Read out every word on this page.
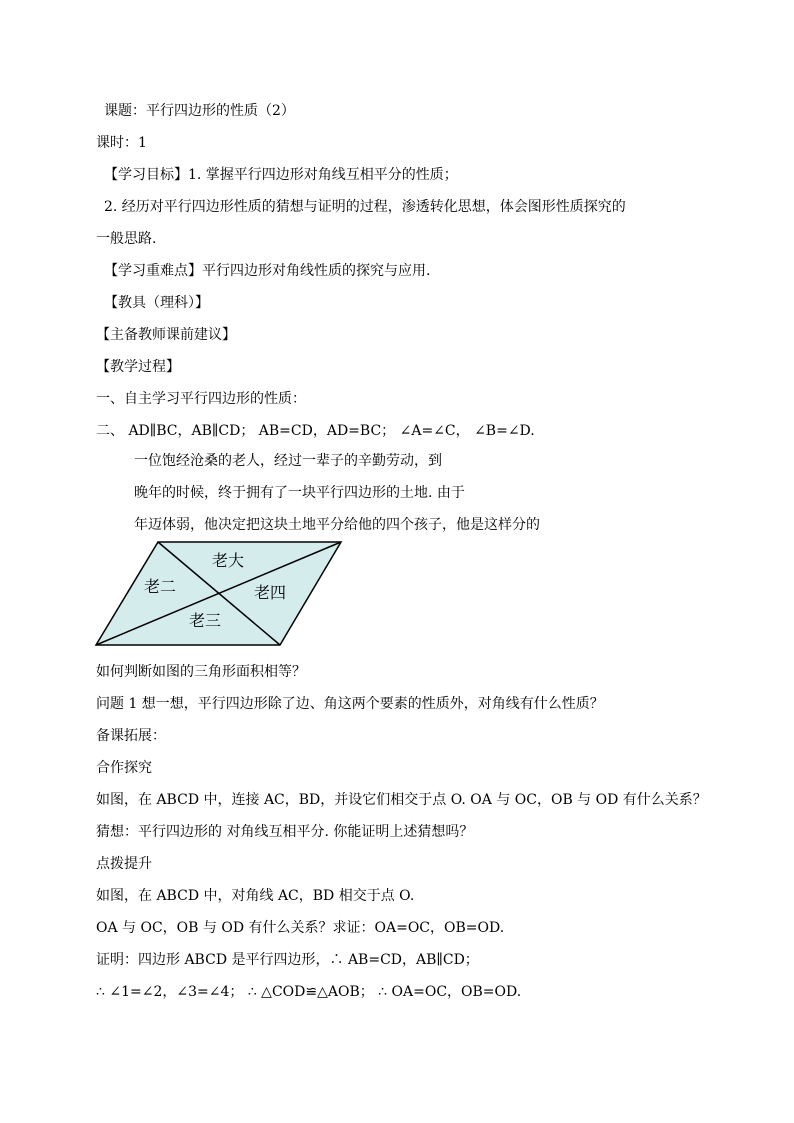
课题：平行四边形的性质（2）
课时：1
【学习目标】1. 掌握平行四边形对角线互相平分的性质；
2. 经历对平行四边形性质的猜想与证明的过程，渗透转化思想，体会图形性质探究的
一般思路.
【学习重难点】平行四边形对角线性质的探究与应用.
【教具（理科）】
【主备教师课前建议】
【教学过程】
一、自主学习平行四边形的性质：
二、 AD∥BC，AB∥CD； AB=CD，AD=BC； ∠A=∠C， ∠B=∠D.
一位饱经沧桑的老人，经过一辈子的辛勤劳动，到
晚年的时候，终于拥有了一块平行四边形的土地. 由于
年迈体弱，他决定把这块土地平分给他的四个孩子，他是这样分的
老大
老二	老四
老三
如何判断如图的三角形面积相等？
问题 1 想一想，平行四边形除了边、角这两个要素的性质外，对角线有什么性质？
备课拓展：
合作探究
如图，在 ABCD 中，连接 AC，BD，并设它们相交于点 O. OA 与 OC，OB 与 OD 有什么关系？
猜想：平行四边形的 对角线互相平分. 你能证明上述猜想吗？
点拨提升
如图，在 ABCD 中，对角线 AC，BD 相交于点 O.
OA 与 OC，OB 与 OD 有什么关系？求证：OA=OC，OB=OD.
证明：四边形 ABCD 是平行四边形，∴ AB=CD，AB∥CD；
∴ ∠1=∠2，∠3=∠4； ∴ △COD≌△AOB； ∴ OA=OC，OB=OD.
